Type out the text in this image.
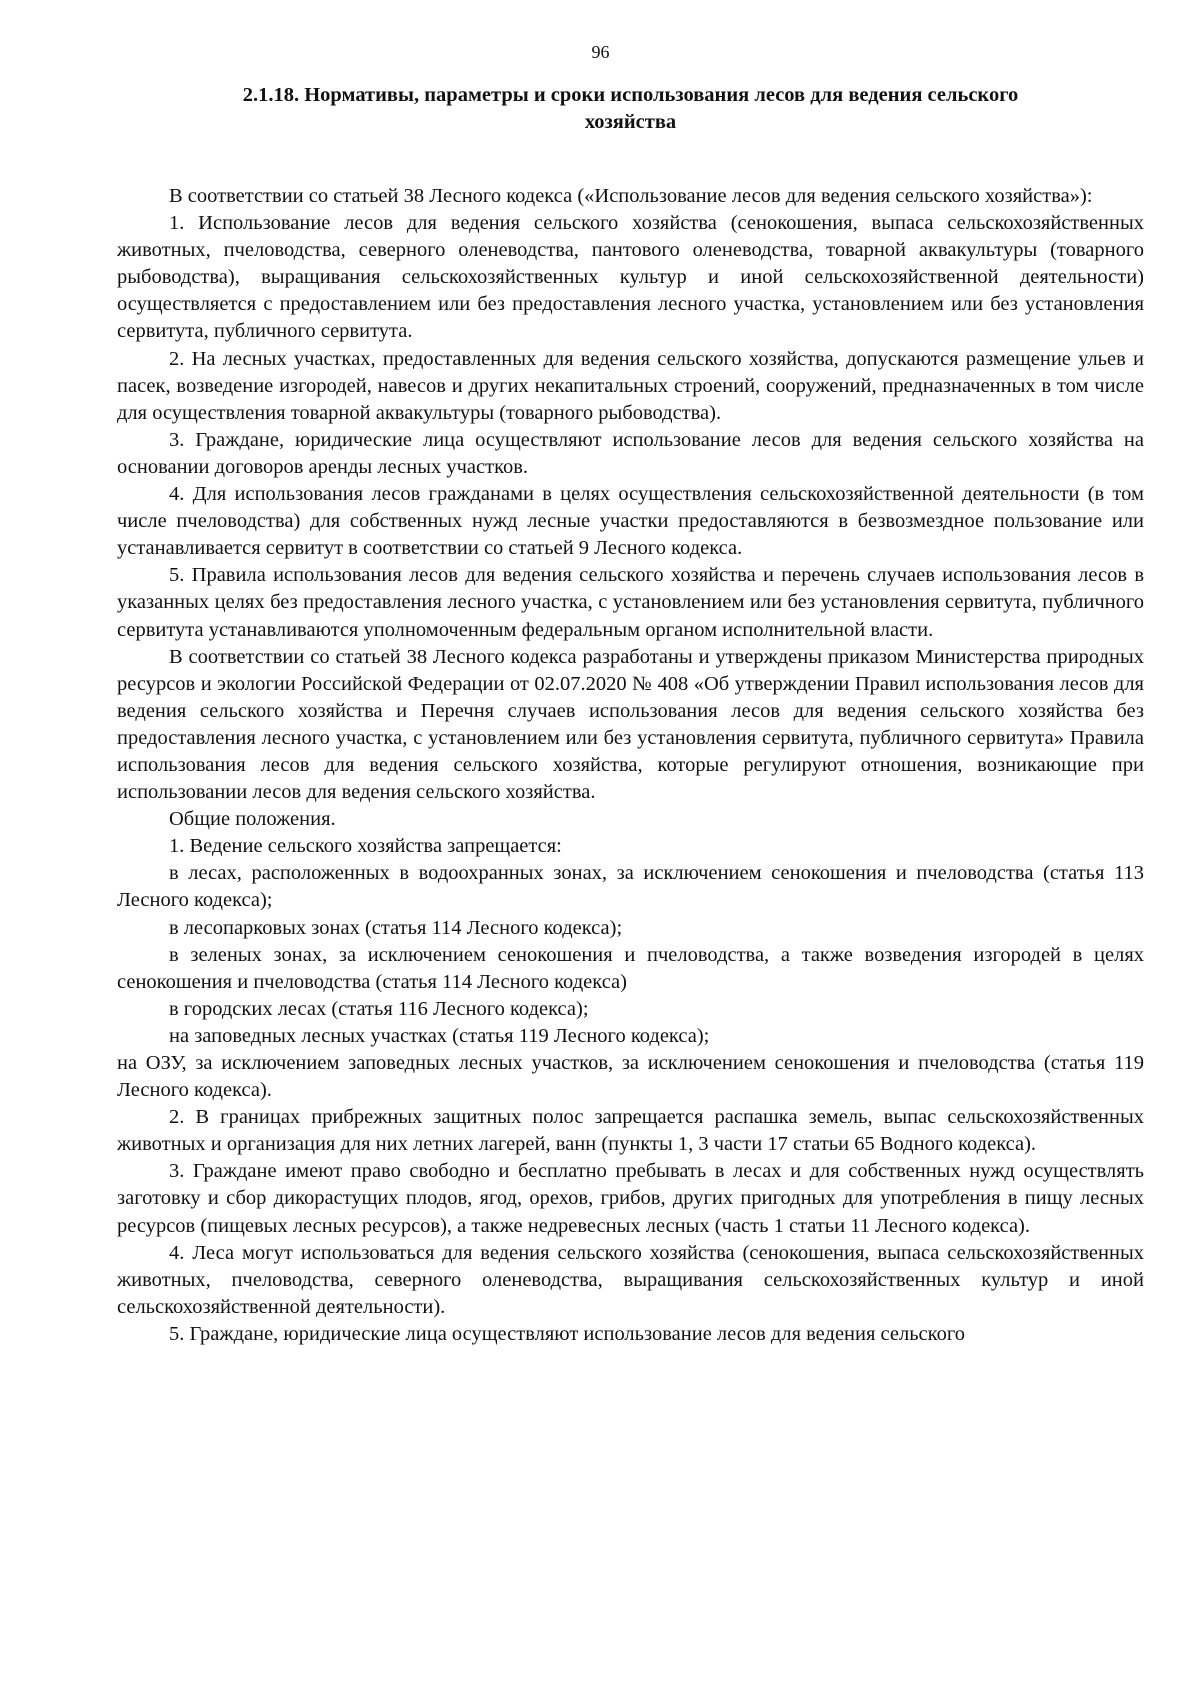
96
2.1.18. Нормативы, параметры и сроки использования лесов для ведения сельского
хозяйства

В соответствии со статьей 38 Лесного кодекса («Использование лесов для ведения сельского хозяйства»):

1. Использование лесов для ведения сельского хозяйства (сенокошения, выпаса сельскохозяйственных животных, пчеловодства, северного оленеводства, пантового оленеводства, товарной аквакультуры (товарного рыбоводства), выращивания сельскохозяйственных культур и иной сельскохозяйственной деятельности) осуществляется с предоставлением или без предоставления лесного участка, установлением или без установления сервитута, публичного сервитута.

2. На лесных участках, предоставленных для ведения сельского хозяйства, допускаются размещение ульев и пасек, возведение изгородей, навесов и других некапитальных строений, сооружений, предназначенных в том числе для осуществления товарной аквакультуры (товарного рыбоводства).

3. Граждане, юридические лица осуществляют использование лесов для ведения сельского хозяйства на основании договоров аренды лесных участков.

4. Для использования лесов гражданами в целях осуществления сельскохозяйственной деятельности (в том числе пчеловодства) для собственных нужд лесные участки предоставляются в безвозмездное пользование или устанавливается сервитут в соответствии со статьей 9 Лесного кодекса.

5. Правила использования лесов для ведения сельского хозяйства и перечень случаев использования лесов в указанных целях без предоставления лесного участка, с установлением или без установления сервитута, публичного сервитута устанавливаются уполномоченным федеральным органом исполнительной власти.

В соответствии со статьей 38 Лесного кодекса разработаны и утверждены приказом Министерства природных ресурсов и экологии Российской Федерации от 02.07.2020 № 408 «Об утверждении Правил использования лесов для ведения сельского хозяйства и Перечня случаев использования лесов для ведения сельского хозяйства без предоставления лесного участка, с установлением или без установления сервитута, публичного сервитута» Правила использования лесов для ведения сельского хозяйства, которые регулируют отношения, возникающие при использовании лесов для ведения сельского хозяйства.

Общие положения.

1. Ведение сельского хозяйства запрещается:

в лесах, расположенных в водоохранных зонах, за исключением сенокошения и пчеловодства (статья 113 Лесного кодекса);

в лесопарковых зонах (статья 114 Лесного кодекса);

в зеленых зонах, за исключением сенокошения и пчеловодства, а также возведения изгородей в целях сенокошения и пчеловодства (статья 114 Лесного кодекса)

в городских лесах (статья 116 Лесного кодекса);

на заповедных лесных участках (статья 119 Лесного кодекса);

на ОЗУ, за исключением заповедных лесных участков, за исключением сенокошения и пчеловодства (статья 119 Лесного кодекса).

2. В границах прибрежных защитных полос запрещается распашка земель, выпас сельскохозяйственных животных и организация для них летних лагерей, ванн (пункты 1, 3 части 17 статьи 65 Водного кодекса).

3. Граждане имеют право свободно и бесплатно пребывать в лесах и для собственных нужд осуществлять заготовку и сбор дикорастущих плодов, ягод, орехов, грибов, других пригодных для употребления в пищу лесных ресурсов (пищевых лесных ресурсов), а также недревесных лесных (часть 1 статьи 11 Лесного кодекса).

4. Леса могут использоваться для ведения сельского хозяйства (сенокошения, выпаса сельскохозяйственных животных, пчеловодства, северного оленеводства, выращивания сельскохозяйственных культур и иной сельскохозяйственной деятельности).

5. Граждане, юридические лица осуществляют использование лесов для ведения сельского
